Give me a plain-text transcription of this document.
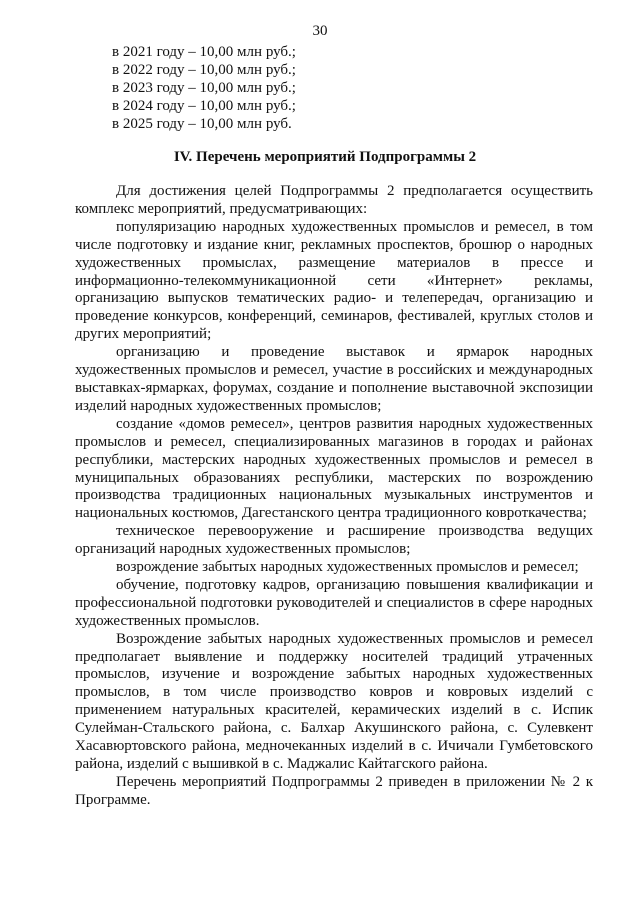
30
в 2021 году – 10,00 млн руб.;
в 2022 году – 10,00 млн руб.;
в 2023 году – 10,00 млн руб.;
в 2024 году – 10,00 млн руб.;
в 2025 году – 10,00 млн руб.
IV. Перечень мероприятий Подпрограммы 2

Для достижения целей Подпрограммы 2 предполагается осуществить комплекс мероприятий, предусматривающих:

популяризацию народных художественных промыслов и ремесел, в том числе подготовку и издание книг, рекламных проспектов, брошюр о народных художественных промыслах, размещение материалов в прессе и информационно-телекоммуникационной сети «Интернет» рекламы, организацию выпусков тематических радио- и телепередач, организацию и проведение конкурсов, конференций, семинаров, фестивалей, круглых столов и других мероприятий;

организацию и проведение выставок и ярмарок народных художественных промыслов и ремесел, участие в российских и международных выставках-ярмарках, форумах, создание и пополнение выставочной экспозиции изделий народных художественных промыслов;

создание «домов ремесел», центров развития народных художественных промыслов и ремесел, специализированных магазинов в городах и районах республики, мастерских народных художественных промыслов и ремесел в муниципальных образованиях республики, мастерских по возрождению производства традиционных национальных музыкальных инструментов и национальных костюмов, Дагестанского центра традиционного ковроткачества;

техническое перевооружение и расширение производства ведущих организаций народных художественных промыслов;

возрождение забытых народных художественных промыслов и ремесел;

обучение, подготовку кадров, организацию повышения квалификации и профессиональной подготовки руководителей и специалистов в сфере народных художественных промыслов.

Возрождение забытых народных художественных промыслов и ремесел предполагает выявление и поддержку носителей традиций утраченных промыслов, изучение и возрождение забытых народных художественных промыслов, в том числе производство ковров и ковровых изделий с применением натуральных красителей, керамических изделий в с. Испик Сулейман-Стальского района, с. Балхар Акушинского района, с. Сулевкент Хасавюртовского района, медночеканных изделий в с. Ичичали Гумбетовского района, изделий с вышивкой в с. Маджалис Кайтагского района.

Перечень мероприятий Подпрограммы 2 приведен в приложении № 2 к Программе.
